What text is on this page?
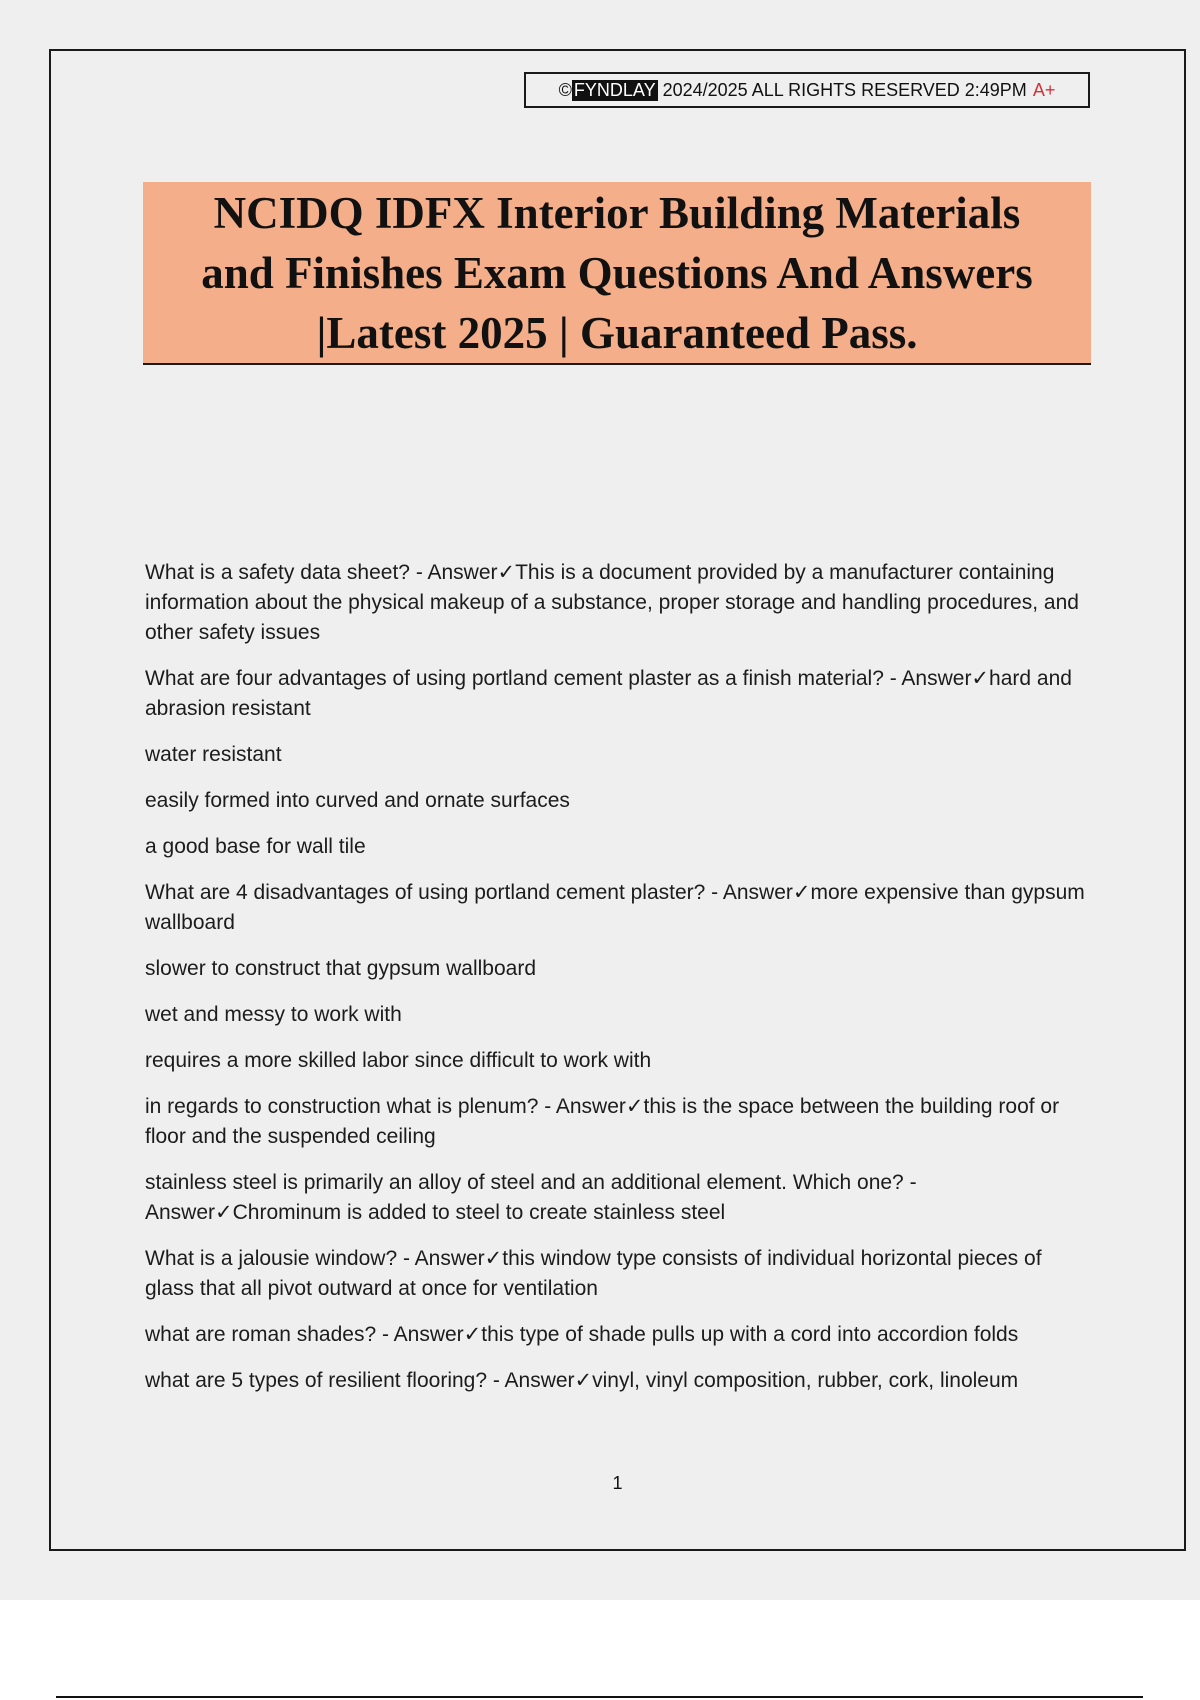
© FYNDLAY 2024/2025 ALL RIGHTS RESERVED 2:49PM A+
NCIDQ IDFX Interior Building Materials
and Finishes Exam Questions And Answers
|Latest 2025 | Guaranteed Pass.

What is a safety data sheet? - Answer✓This is a document provided by a manufacturer containing information about the physical makeup of a substance, proper storage and handling procedures, and other safety issues

What are four advantages of using portland cement plaster as a finish material? - Answer✓hard and abrasion resistant

water resistant

easily formed into curved and ornate surfaces

a good base for wall tile

What are 4 disadvantages of using portland cement plaster? - Answer✓more expensive than gypsum wallboard

slower to construct that gypsum wallboard

wet and messy to work with

requires a more skilled labor since difficult to work with

in regards to construction what is plenum? - Answer✓this is the space between the building roof or floor and the suspended ceiling

stainless steel is primarily an alloy of steel and an additional element. Which one? - Answer✓Chrominum is added to steel to create stainless steel

What is a jalousie window? - Answer✓this window type consists of individual horizontal pieces of glass that all pivot outward at once for ventilation

what are roman shades? - Answer✓this type of shade pulls up with a cord into accordion folds

what are 5 types of resilient flooring? - Answer✓vinyl, vinyl composition, rubber, cork, linoleum

1
